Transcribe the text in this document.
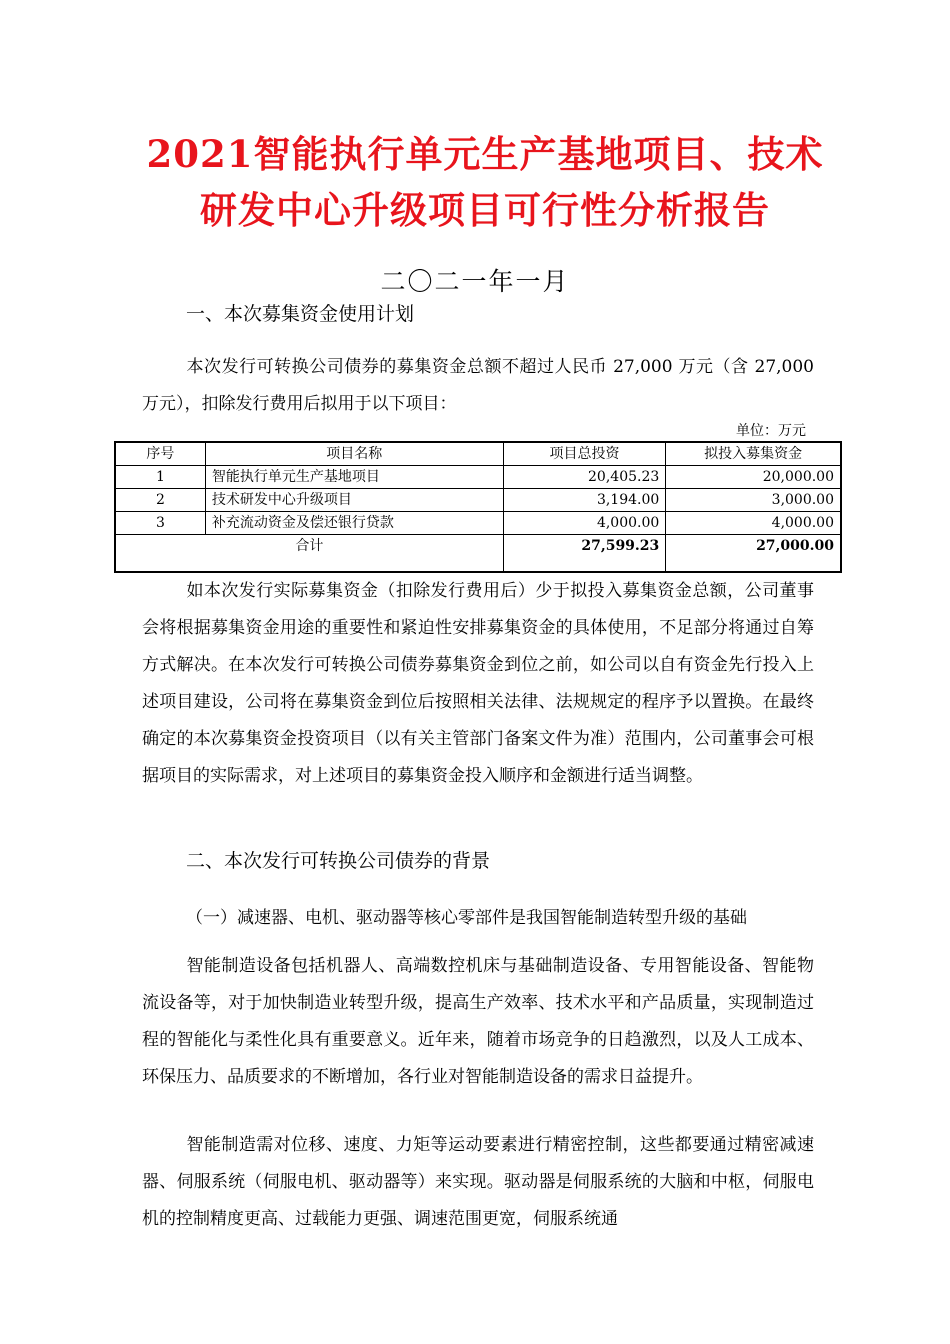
2021智能执行单元生产基地项目、技术
研发中心升级项目可行性分析报告
二〇二一年一月
一、本次募集资金使用计划

本次发行可转换公司债券的募集资金总额不超过人民币 27,000 万元（含 27,000 万元），扣除发行费用后拟用于以下项目：

单位：万元
序号	项目名称	项目总投资	拟投入募集资金
1	智能执行单元生产基地项目	20,405.23	20,000.00
2	技术研发中心升级项目	3,194.00	3,000.00
3	补充流动资金及偿还银行贷款	4,000.00	4,000.00
合计		27,599.23	27,000.00

如本次发行实际募集资金（扣除发行费用后）少于拟投入募集资金总额，公司董事会将根据募集资金用途的重要性和紧迫性安排募集资金的具体使用，不足部分将通过自筹方式解决。在本次发行可转换公司债券募集资金到位之前，如公司以自有资金先行投入上述项目建设，公司将在募集资金到位后按照相关法律、法规规定的程序予以置换。在最终确定的本次募集资金投资项目（以有关主管部门备案文件为准）范围内，公司董事会可根据项目的实际需求，对上述项目的募集资金投入顺序和金额进行适当调整。

二、本次发行可转换公司债券的背景
（一）减速器、电机、驱动器等核心零部件是我国智能制造转型升级的基础

智能制造设备包括机器人、高端数控机床与基础制造设备、专用智能设备、智能物流设备等，对于加快制造业转型升级，提高生产效率、技术水平和产品质量，实现制造过程的智能化与柔性化具有重要意义。近年来，随着市场竞争的日趋激烈，以及人工成本、环保压力、品质要求的不断增加，各行业对智能制造设备的需求日益提升。

智能制造需对位移、速度、力矩等运动要素进行精密控制，这些都要通过精密减速器、伺服系统（伺服电机、驱动器等）来实现。驱动器是伺服系统的大脑和中枢，伺服电机的控制精度更高、过载能力更强、调速范围更宽，伺服系统通
